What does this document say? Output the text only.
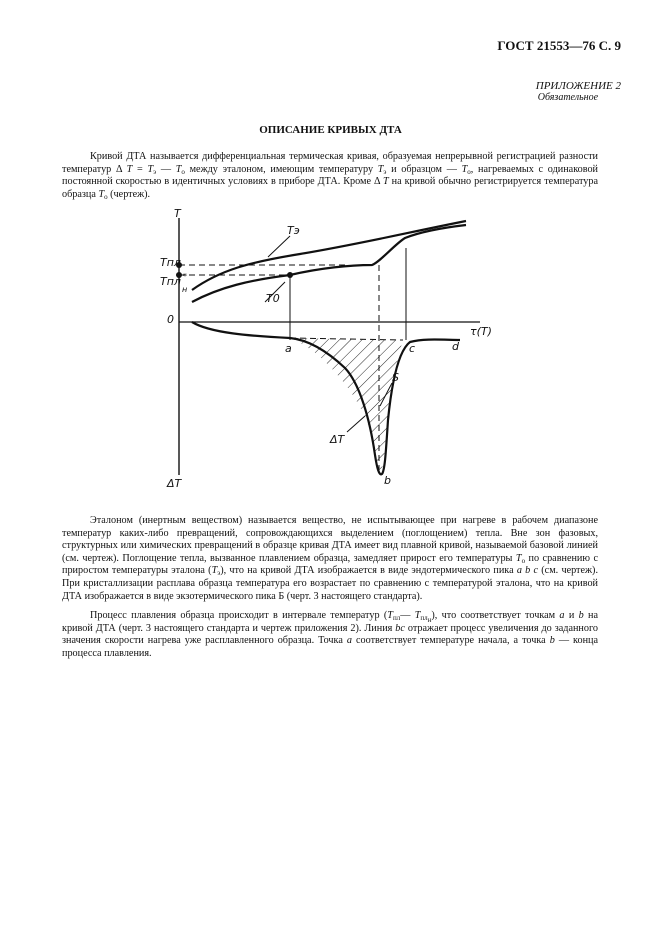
ГОСТ 21553—76 С. 9
ПРИЛОЖЕНИЕ 2
Обязательное
ОПИСАНИЕ КРИВЫХ ДТА

Кривой ДТА называется дифференциальная термическая кривая, образуемая непрерывной регистрацией разности температур Δ $T = T_э$ — $T_о$ между эталоном, имеющим температуру $T_э$ и образцом — $T_о$, нагреваемых с одинаковой постоянной скоростью в идентичных условиях в приборе ДТА. Кроме Δ T на кривой обычно регистрируется температура образца $T_о$ (чертеж).

T
ΔT
τ(T)
0
Tпл
Tпл *
н
Tэ
T0
a
b
c	d
S
ΔT

Эталоном (инертным веществом) называется вещество, не испытывающее при нагреве в рабочем диапазоне температур каких-либо превращений, сопровождающихся выделением (поглощением) тепла. Вне зон фазовых, структурных или химических превращений в образце кривая ДТА имеет вид плавной кривой, называемой базовой линией (см. чертеж). Поглощение тепла, вызванное плавлением образца, замедляет прирост его температуры $T_о$ по сравнению с приростом температуры эталона $(T_э)$, что на кривой ДТА изображается в виде эндотермического пика a b c (см. чертеж). При кристаллизации расплава образца температура его возрастает по сравнению с температурой эталона, что на кривой ДТА изображается в виде экзотермического пика Б (черт. 3 настоящего стандарта).

Процесс плавления образца происходит в интервале температур ($T_{пл}—$ $T_{пл_н}$), что соответствует точкам a и b на кривой ДТА (черт. 3 настоящего стандарта и чертеж приложения 2). Линия bc отражает процесс увеличения до заданного значения скорости нагрева уже расплавленного образца. Точка a соответствует температуре начала, а точка b — конца процесса плавления.
